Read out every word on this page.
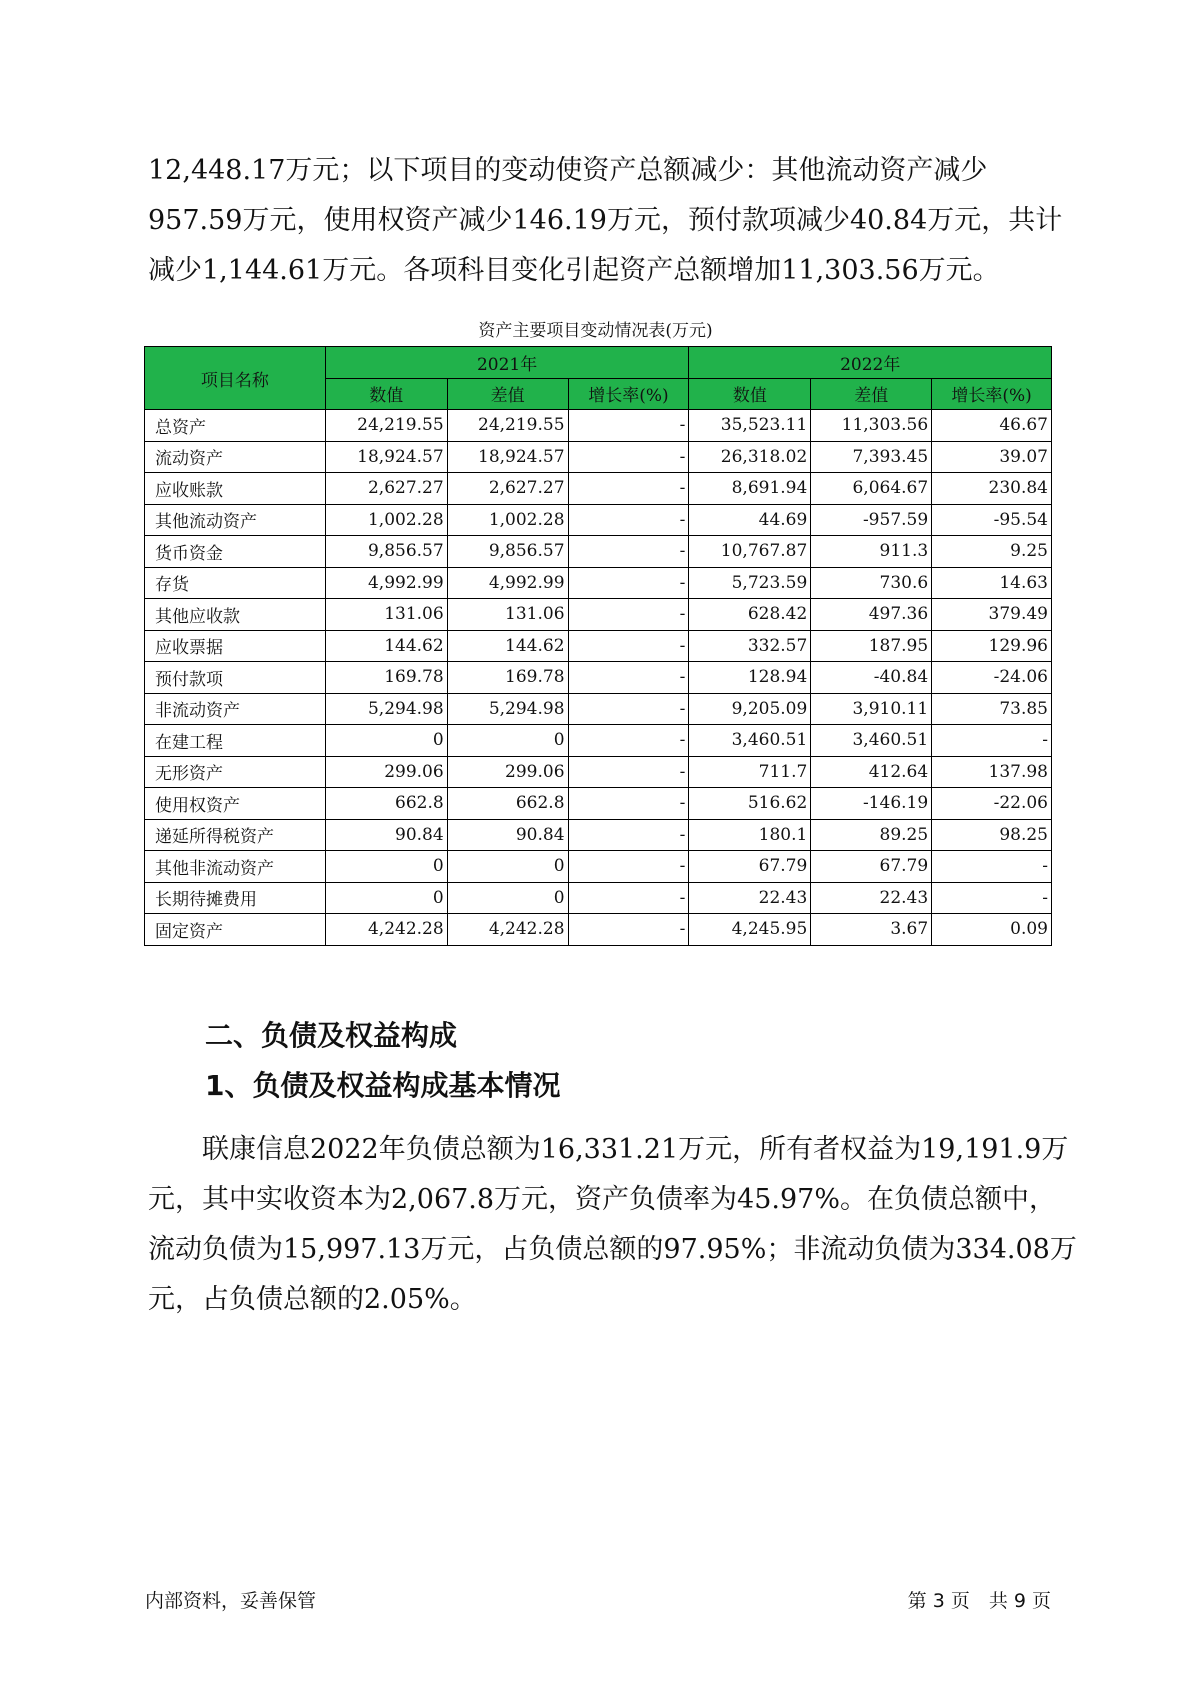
12,448.17万元；以下项目的变动使资产总额减少：其他流动资产减少
957.59万元，使用权资产减少146.19万元，预付款项减少40.84万元，共计
减少1,144.61万元。各项科目变化引起资产总额增加11,303.56万元。
资产主要项目变动情况表(万元)
项目名称	2021年			2022年		
	数值	差值	增长率(%)	数值	差值	增长率(%)
总资产	24,219.55	24,219.55	-	35,523.11	11,303.56	46.67
流动资产	18,924.57	18,924.57	-	26,318.02	7,393.45	39.07
应收账款	2,627.27	2,627.27	-	8,691.94	6,064.67	230.84
其他流动资产	1,002.28	1,002.28	-	44.69	-957.59	-95.54
货币资金	9,856.57	9,856.57	-	10,767.87	911.3	9.25
存货	4,992.99	4,992.99	-	5,723.59	730.6	14.63
其他应收款	131.06	131.06	-	628.42	497.36	379.49
应收票据	144.62	144.62	-	332.57	187.95	129.96
预付款项	169.78	169.78	-	128.94	-40.84	-24.06
非流动资产	5,294.98	5,294.98	-	9,205.09	3,910.11	73.85
在建工程	0	0	-	3,460.51	3,460.51	-
无形资产	299.06	299.06	-	711.7	412.64	137.98
使用权资产	662.8	662.8	-	516.62	-146.19	-22.06
递延所得税资产	90.84	90.84	-	180.1	89.25	98.25
其他非流动资产	0	0	-	67.79	67.79	-
长期待摊费用	0	0	-	22.43	22.43	-
固定资产	4,242.28	4,242.28	-	4,245.95	3.67	0.09
二、负债及权益构成
1、负债及权益构成基本情况
联康信息2022年负债总额为16,331.21万元，所有者权益为19,191.9万
元，其中实收资本为2,067.8万元，资产负债率为45.97%。在负债总额中，
流动负债为15,997.13万元，占负债总额的97.95%；非流动负债为334.08万
元，占负债总额的2.05%。
内部资料，妥善保管	第 3 页　共 9 页
